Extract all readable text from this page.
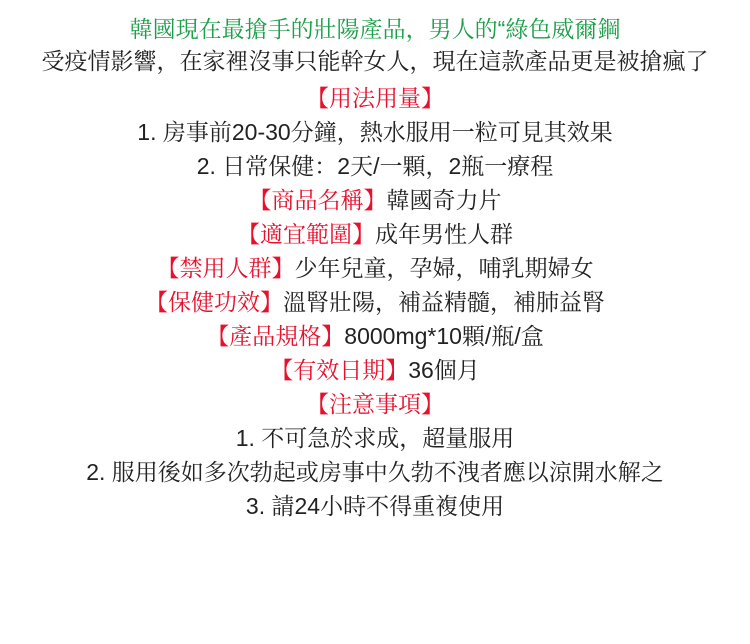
韓國現在最搶手的壯陽產品，男人的“綠色威爾鋼
受疫情影響，在家裡沒事只能幹女人，現在這款產品更是被搶瘋了
【用法用量】
1. 房事前20-30分鐘，熱水服用一粒可見其效果
2. 日常保健：2天/一顆，2瓶一療程
【商品名稱】韓國奇力片
【適宜範圍】成年男性人群
【禁用人群】少年兒童，孕婦，哺乳期婦女
【保健功效】溫腎壯陽，補益精髓，補肺益腎
【產品規格】8000mg*10顆/瓶/盒
【有效日期】36個月
【注意事項】
1. 不可急於求成，超量服用
2. 服用後如多次勃起或房事中久勃不洩者應以涼開水解之
3. 請24小時不得重複使用
